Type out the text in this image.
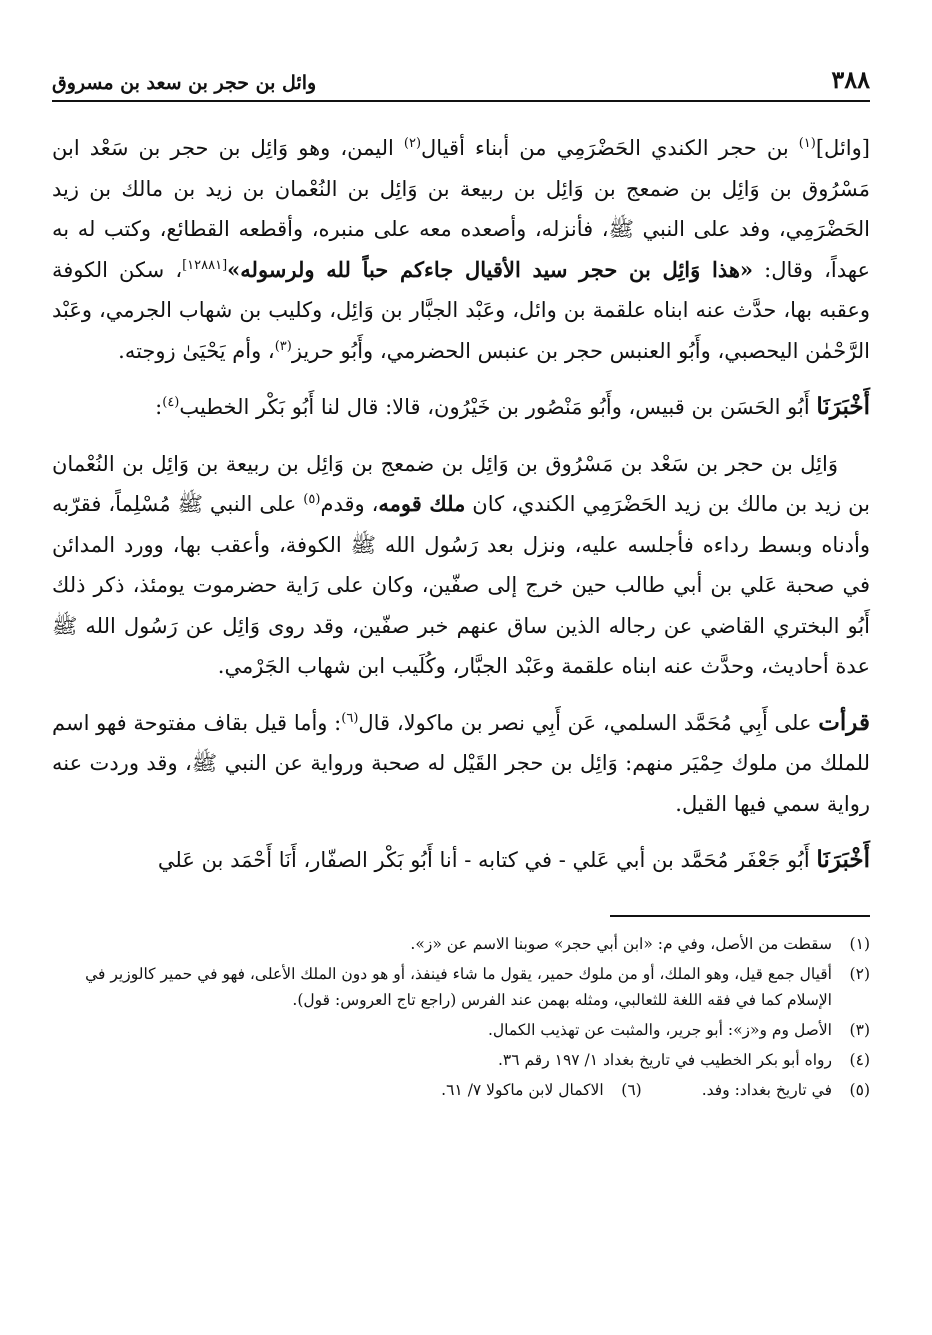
٣٨٨
وائل بن حجر بن سعد بن مسروق

[وائل]$^{(١)}$ بن حجر الكندي الحَضْرَمِي من أبناء أقيال$^{(٢)}$ اليمن، وهو وَائِل بن حجر بن سَعْد ابن مَسْرُوق بن وَائِل بن ضمعج بن وَائِل بن ربيعة بن وَائِل بن النُعْمان بن زيد بن مالك بن زيد الحَضْرَمِي، وفد على النبي ﷺ، فأنزله، وأصعده معه على منبره، وأقطعه القطائع، وكتب له به عهداً، وقال: «هذا وَائِل بن حجر سيد الأقيال جاءكم حباً لله ولرسوله»[١٢٨٨١]، سكن الكوفة وعقبه بها، حدَّث عنه ابناه علقمة بن وائل، وعَبْد الجبَّار بن وَائِل، وكليب بن شهاب الجرمي، وعَبْد الرَّحْمٰن اليحصبي، وأَبُو العنبس حجر بن عنبس الحضرمي، وأَبُو حريز$^{(٣)}$، وأم يَحْيَىٰ زوجته.

أَخْبَرَنَا أَبُو الحَسَن بن قبيس، وأَبُو مَنْصُور بن خَيْرُون، قالا: قال لنا أَبُو بَكْر الخطيب$^{(٤)}$:

وَائِل بن حجر بن سَعْد بن مَسْرُوق بن وَائِل بن ضمعج بن وَائِل بن ربيعة بن وَائِل بن النُعْمان بن زيد بن مالك بن زيد الحَضْرَمِي الكندي، كان ملك قومه، وقدم$^{(٥)}$ على النبي ﷺ مُسْلِماً، فقرّبه وأدناه وبسط رداءه فأجلسه عليه، ونزل بعد رَسُول الله ﷺ الكوفة، وأعقب بها، وورد المدائن في صحبة عَلي بن أبي طالب حين خرج إلى صفّين، وكان على رَاية حضرموت يومئذ، ذكر ذلك أَبُو البختري القاضي عن رجاله الذين ساق عنهم خبر صفّين، وقد روى وَائِل عن رَسُول الله ﷺ عدة أحاديث، وحدَّث عنه ابناه علقمة وعَبْد الجبَّار، وكُلَيب ابن شهاب الجَرْمي.

قرأت على أَبِي مُحَمَّد السلمي، عَن أَبِي نصر بن ماكولا، قال$^{(٦)}$: وأما قيل بقاف مفتوحة فهو اسم للملك من ملوك حِمْيَر منهم: وَائِل بن حجر القَيْل له صحبة ورواية عن النبي ﷺ، وقد وردت عنه رواية سمي فيها القيل.

أَخْبَرَنَا أَبُو جَعْفَر مُحَمَّد بن أبي عَلي - في كتابه - أنا أَبُو بَكْر الصفّار، أَنَا أَحْمَد بن عَلي

(١)
سقطت من الأصل، وفي م: «ابن أبي حجر» صوبنا الاسم عن «ز».
(٢)
أقيال جمع قيل، وهو الملك، أو من ملوك حمير، يقول ما شاء فينفذ، أو هو دون الملك الأعلى، فهو في حمير كالوزير في الإسلام كما في فقه اللغة للثعالبي، ومثله بهمن عند الفرس (راجع تاج العروس: قول).
(٣)
الأصل وم و«ز»: أبو جرير، والمثبت عن تهذيب الكمال.
(٤)
رواه أبو بكر الخطيب في تاريخ بغداد ١/ ١٩٧ رقم ٣٦.
(٥)
في تاريخ بغداد: وفد.
(٦)
الاكمال لابن ماكولا ٧/ ٦١.
